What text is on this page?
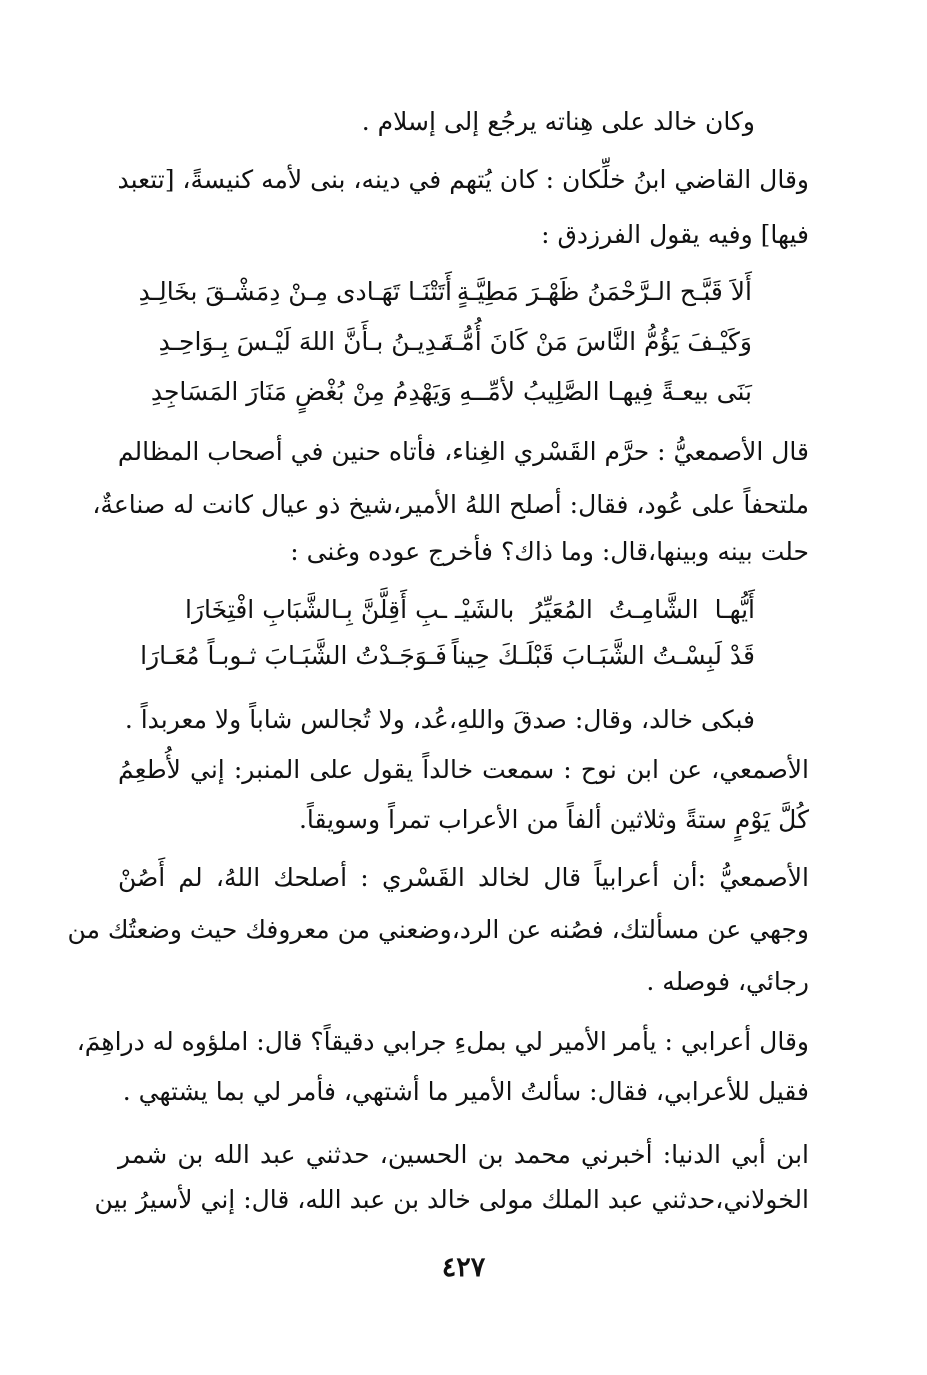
وكان خالد على هِناته يرجُع إلى إسلام .
وقال القاضي ابنُ خلِّكان : كان يُتهم في دينه، بنى لأمه كنيسةً، [تتعبد
فيها] وفيه يقول الفرزدق :
أَلاَ قَبَّـح الـرَّحْمَنُ ظَهْـرَ مَطِيَّـةٍ
أَتَتْنَـا تَهَـادى مِـنْ دِمَشْـقَ بخَالِـدِ
وَكَيْـفَ يَؤُمُّ النَّاسَ مَنْ كَانَ أُمُّـه
تَـدِيـنُ بـأَنَّ اللهَ لَيْـسَ بِـوَاحِـدِ
بَنَى بيعـةً فِيهـا الصَّلِيبُ لأمِّــهِ
وَيَهْدِمُ مِنْ بُغْضٍ مَنَارَ المَسَاجِدِ
قال الأصمعيُّ : حرَّم القَسْري الغِناء، فأتاه حنين في أصحاب المظالم
ملتحفاً على عُود، فقال: أصلح اللهُ الأمير،شيخ ذو عيال كانت له صناعةٌ،
حلت بينه وبينها،قال: وما ذاك؟ فأخرج عوده وغنى :
أَيُّهـا الشَّامِـتُ المُعَيِّرُ بالشَيْـ
ـبِ أَقِلَّنَّ بِـالشَّبَابِ افْتِخَارَا
قَدْ لَبِسْـتُ الشَّبَـابَ قَبْلَـكَ حِيناً
فَـوَجَـدْتُ الشَّبَـابَ ثـوبـاً مُعَـارَا
فبكى خالد، وقال: صدقَ واللهِ،عُد، ولا تُجالس شاباً ولا معربداً .
الأصمعي، عن ابن نوح : سمعت خالداً يقول على المنبر: إني لأُطعِمُ
كُلَّ يَوْمٍ ستةً وثلاثين ألفاً من الأعراب تمراً وسويقاً.
الأصمعيُّ :أن أعرابياً قال لخالد القَسْري : أصلحك اللهُ، لم أَصُنْ
وجهي عن مسألتك، فصُنه عن الرد،وضعني من معروفك حيث وضعتُك من
رجائي، فوصله .
وقال أعرابي : يأمر الأمير لي بملءِ جرابي دقيقاً؟ قال: املؤوه له دراهِمَ،
فقيل للأعرابي، فقال: سألتُ الأمير ما أشتهي، فأمر لي بما يشتهي .
ابن أبي الدنيا: أخبرني محمد بن الحسين، حدثني عبد الله بن شمر
الخولاني،حدثني عبد الملك مولى خالد بن عبد الله، قال: إني لأسيرُ بين
٤٢٧
